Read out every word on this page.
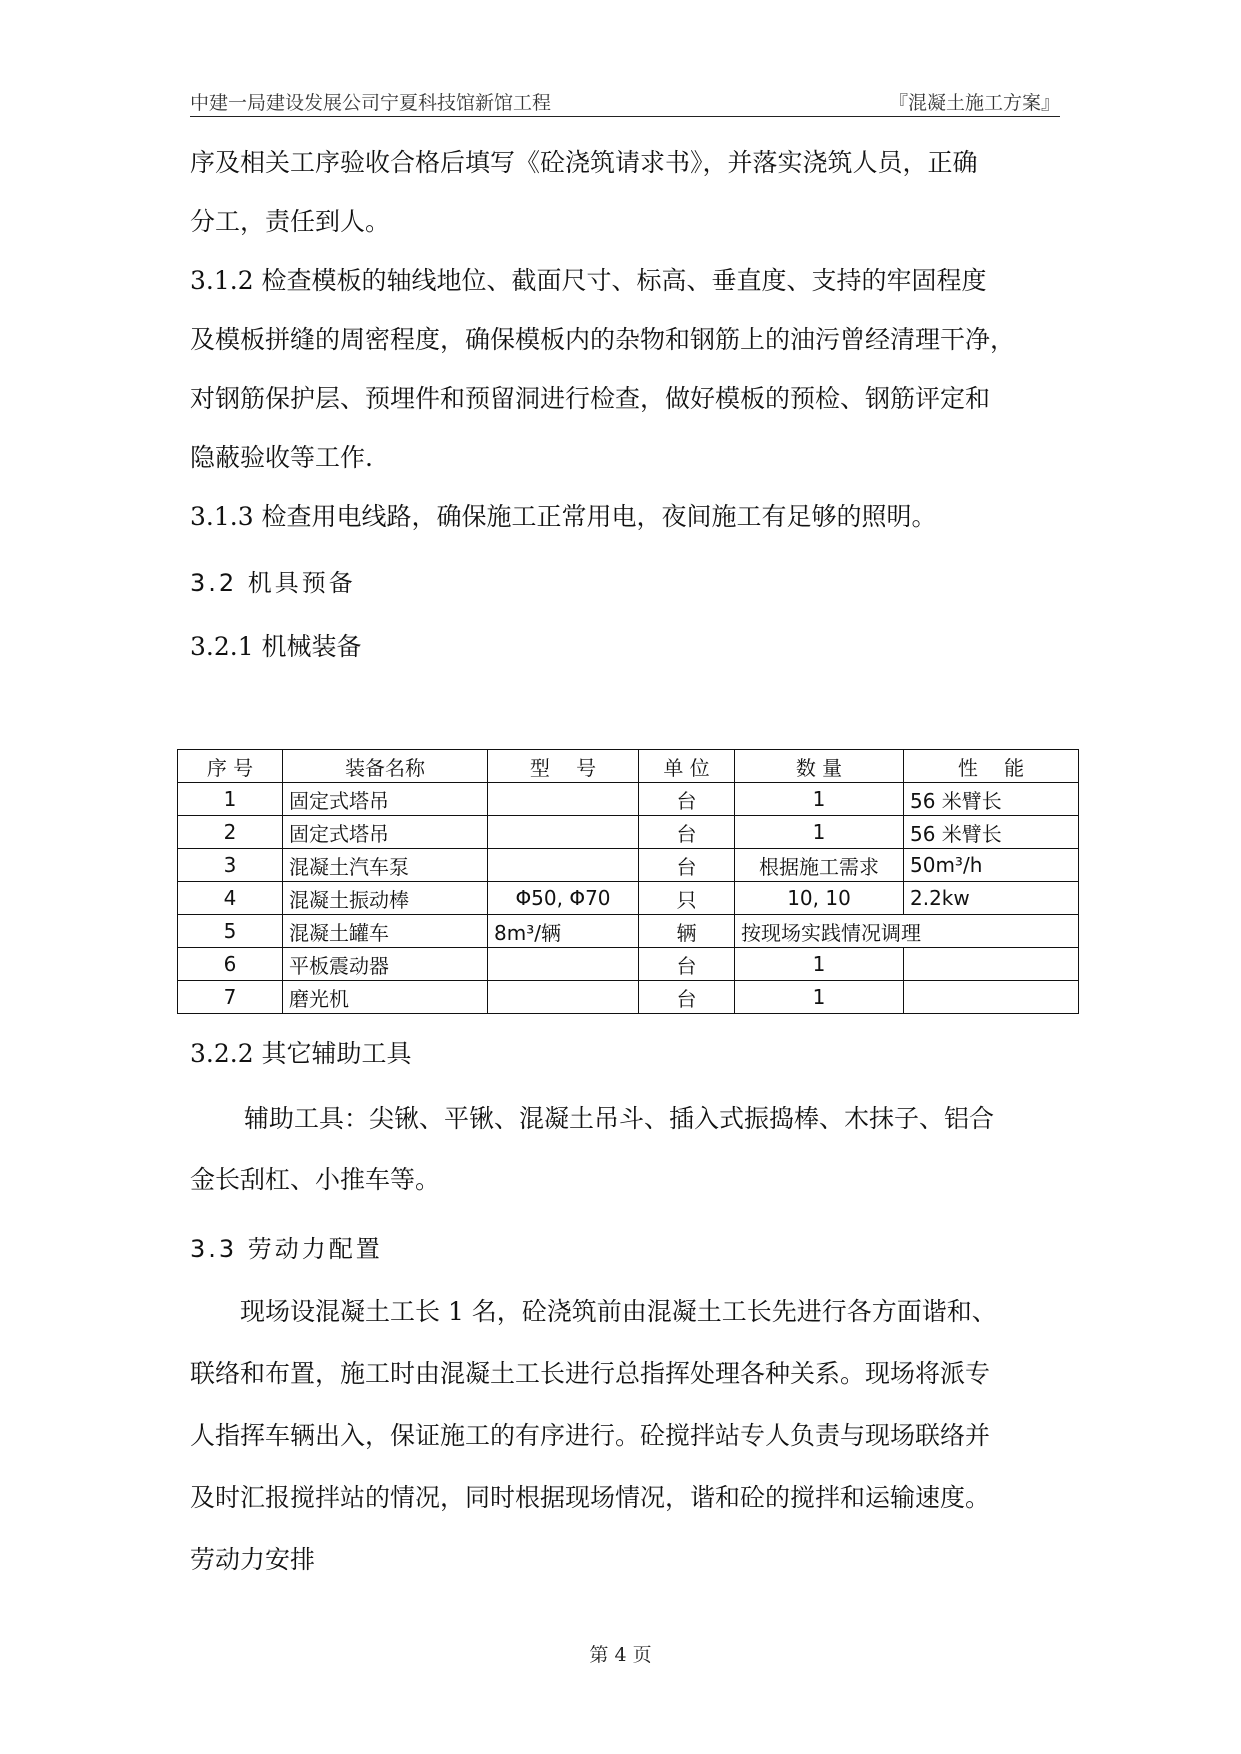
中建一局建设发展公司宁夏科技馆新馆工程	『混凝土施工方案』
序及相关工序验收合格后填写《砼浇筑请求书》，并落实浇筑人员，正确
分工，责任到人。
3.1.2 检查模板的轴线地位、截面尺寸、标高、垂直度、支持的牢固程度
及模板拼缝的周密程度，确保模板内的杂物和钢筋上的油污曾经清理干净，
对钢筋保护层、预埋件和预留洞进行检查，做好模板的预检、钢筋评定和
隐蔽验收等工作.
3.1.3 检查用电线路，确保施工正常用电，夜间施工有足够的照明。
3.2 机具预备
3.2.1 机械装备
序 号	装备名称	型　 号	单 位	数 量	性　 能
1	固定式塔吊		台	1	56 米臂长
2	固定式塔吊		台	1	56 米臂长
3	混凝土汽车泵		台	根据施工需求	50m³/h
4	混凝土振动棒	Φ50, Φ70	只	10, 10	2.2kw
5	混凝土罐车	8m³/辆	辆	按现场实践情况调理	
6	平板震动器		台	1	
7	磨光机		台	1	
3.2.2 其它辅助工具
辅助工具：尖锹、平锹、混凝土吊斗、插入式振捣棒、木抹子、铝合
金长刮杠、小推车等。
3.3 劳动力配置
现场设混凝土工长 1 名，砼浇筑前由混凝土工长先进行各方面谐和、
联络和布置，施工时由混凝土工长进行总指挥处理各种关系。现场将派专
人指挥车辆出入，保证施工的有序进行。砼搅拌站专人负责与现场联络并
及时汇报搅拌站的情况，同时根据现场情况，谐和砼的搅拌和运输速度。
劳动力安排
第 4 页
